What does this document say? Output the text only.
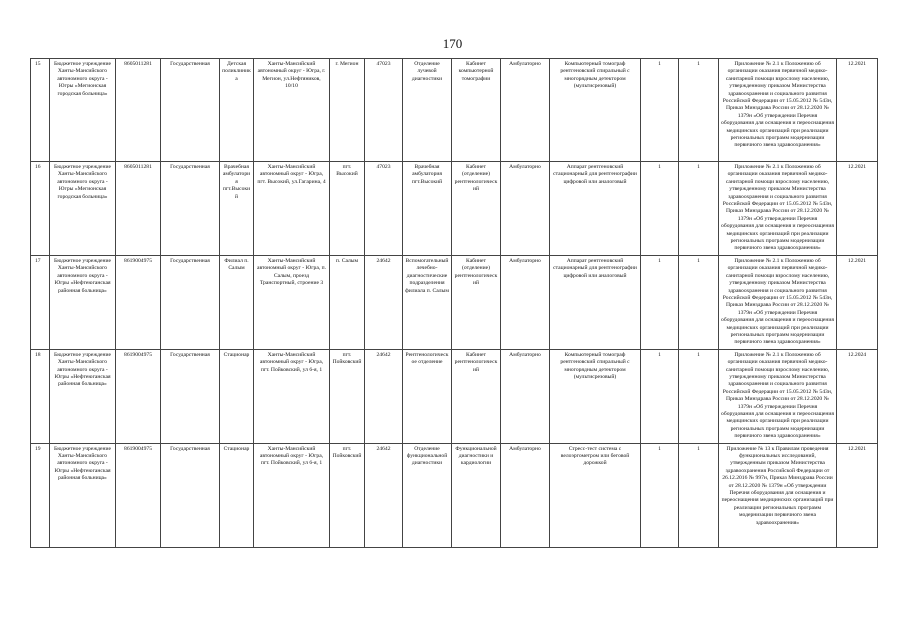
170
15	Бюджетное учреждение Ханты-Мансийского автономного округа - Югры «Мегионская городская больница»	8605011281	Государственная	Детская поликлиника	Ханты-Мансийский автономный округ - Югра, г. Мегион, ул.Нефтяников, 10/10	г. Мегион	47023	Отделение лучевой диагностики	Кабинет компьютерной томографии	Амбулаторно	Компьютерный томограф рентгеновский спиральный с многорядным детектором (мультисрезовый)	1	1	Приложение № 2.1 к Положению об организации оказания первичной медико-санитарной помощи взрослому населению, утвержденному приказом Министерства здравоохранения и социального развития Российской Федерации от 15.05.2012 № 543н, Приказ Минздрава России от 28.12.2020 № 1379н «Об утверждении Перечня оборудования для оснащения и переоснащения медицинских организаций при реализации региональных программ модернизации первичного звена здравоохранения»	12.2021
16	Бюджетное учреждение Ханты-Мансийского автономного округа - Югры «Мегионская городская больница»	8605011281	Государственная	Врачебная амбулатория пгт.Высокий	Ханты-Мансийский автономный округ - Югра, пгт. Высокий, ул.Гагарина, 4	пгт. Высокий	47023	Врачебная амбулатория пгт.Высокий	Кабинет (отделение) рентгенологический	Амбулаторно	Аппарат рентгеновский стационарный для рентгенографии цифровой или аналоговый	1	1	Приложение № 2.1 к Положению об организации оказания первичной медико-санитарной помощи взрослому населению, утвержденному приказом Министерства здравоохранения и социального развития Российской Федерации от 15.05.2012 № 543н, Приказ Минздрава России от 28.12.2020 № 1379н «Об утверждении Перечня оборудования для оснащения и переоснащения медицинских организаций при реализации региональных программ модернизации первичного звена здравоохранения»	12.2021
17	Бюджетное учреждение Ханты-Мансийского автономного округа - Югры «Нефтеюганская районная больница»	8619004975	Государственная	Филиал п. Салым	Ханты-Мансийский автономный округ - Югра, п. Салым, проезд Транспортный, строение 3	п. Салым	24642	Вспомогательный лечебно-диагностические подразделения филиала п. Салым	Кабинет (отделение) рентгенологический	Амбулаторно	Аппарат рентгеновский стационарный для рентгенографии цифровой или аналоговый	1	1	Приложение № 2.1 к Положению об организации оказания первичной медико-санитарной помощи взрослому населению, утвержденному приказом Министерства здравоохранения и социального развития Российской Федерации от 15.05.2012 № 543н, Приказ Минздрава России от 28.12.2020 № 1379н «Об утверждении Перечня оборудования для оснащения и переоснащения медицинских организаций при реализации региональных программ модернизации первичного звена здравоохранения»	12.2021
18	Бюджетное учреждение Ханты-Мансийского автономного округа - Югры «Нефтеюганская районная больница»	8619004975	Государственная	Стационар	Ханты-Мансийский автономный округ - Югра, пгт. Пойковский, ул 6-я, 1	пгт. Пойковский	24642	Рентгенологическое отделение	Кабинет рентгенологический	Амбулаторно	Компьютерный томограф рентгеновский спиральный с многорядным детектором (мультисрезовый)	1	1	Приложение № 2.1 к Положению об организации оказания первичной медико-санитарной помощи взрослому населению, утвержденному приказом Министерства здравоохранения и социального развития Российской Федерации от 15.05.2012 № 543н, Приказ Минздрава России от 28.12.2020 № 1379н «Об утверждении Перечня оборудования для оснащения и переоснащения медицинских организаций при реализации региональных программ модернизации первичного звена здравоохранения»	12.2024
19	Бюджетное учреждение Ханты-Мансийского автономного округа - Югры «Нефтеюганская районная больница»	8619004975	Государственная	Стационар	Ханты-Мансийский автономный округ - Югра, пгт. Пойковский, ул 6-я, 1	пгт. Пойковский	24642	Отделение функциональной диагностики	Функциональной диагностики и кардиологии	Амбулаторно	Стресс-тест система с велоэргометром или беговой дорожкой	1	1	Приложение № 13 к Правилам проведения функциональных исследований, утвержденным приказом Министерства здравоохранения Российской Федерации от 26.12.2016 № 997н, Приказ Минздрава России от 28.12.2020 № 1379н «Об утверждении Перечня оборудования для оснащения и переоснащения медицинских организаций при реализации региональных программ модернизации первичного звена здравоохранения»	12.2021
